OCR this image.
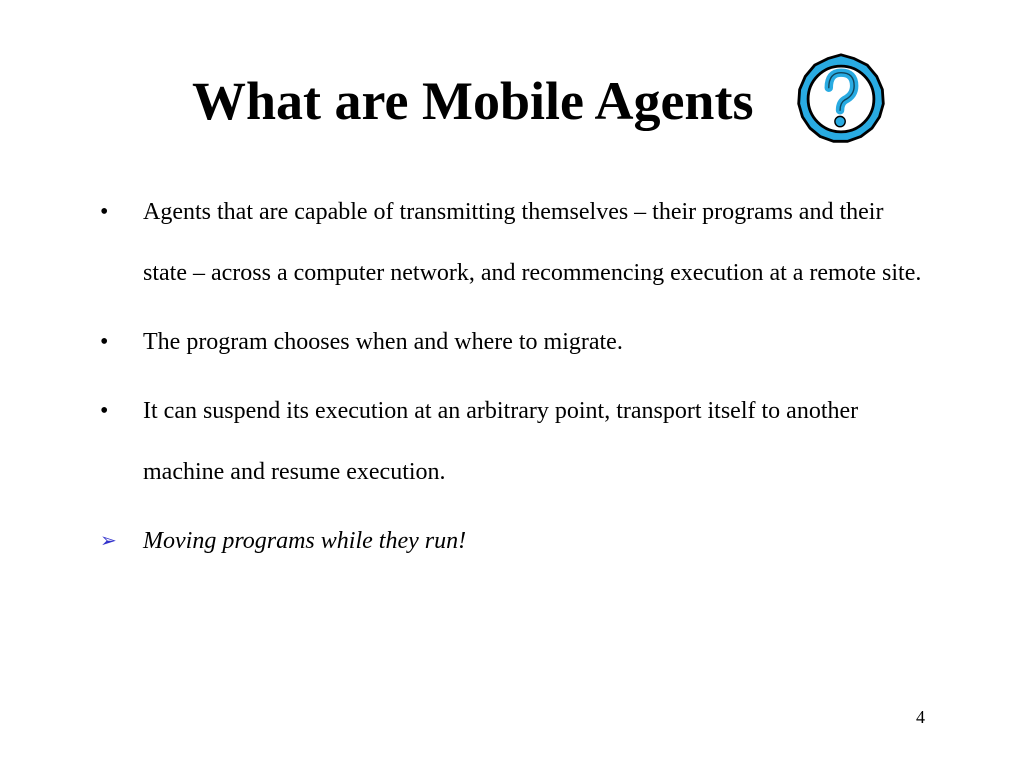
What are Mobile Agents
•	Agents that are capable of transmitting themselves – their programs and their state – across a computer network, and recommencing execution at a remote site.
•	The program chooses when and where to migrate.
•	It can suspend its execution at an arbitrary point, transport itself to another machine and resume execution.
➢	Moving programs while they run!
4
